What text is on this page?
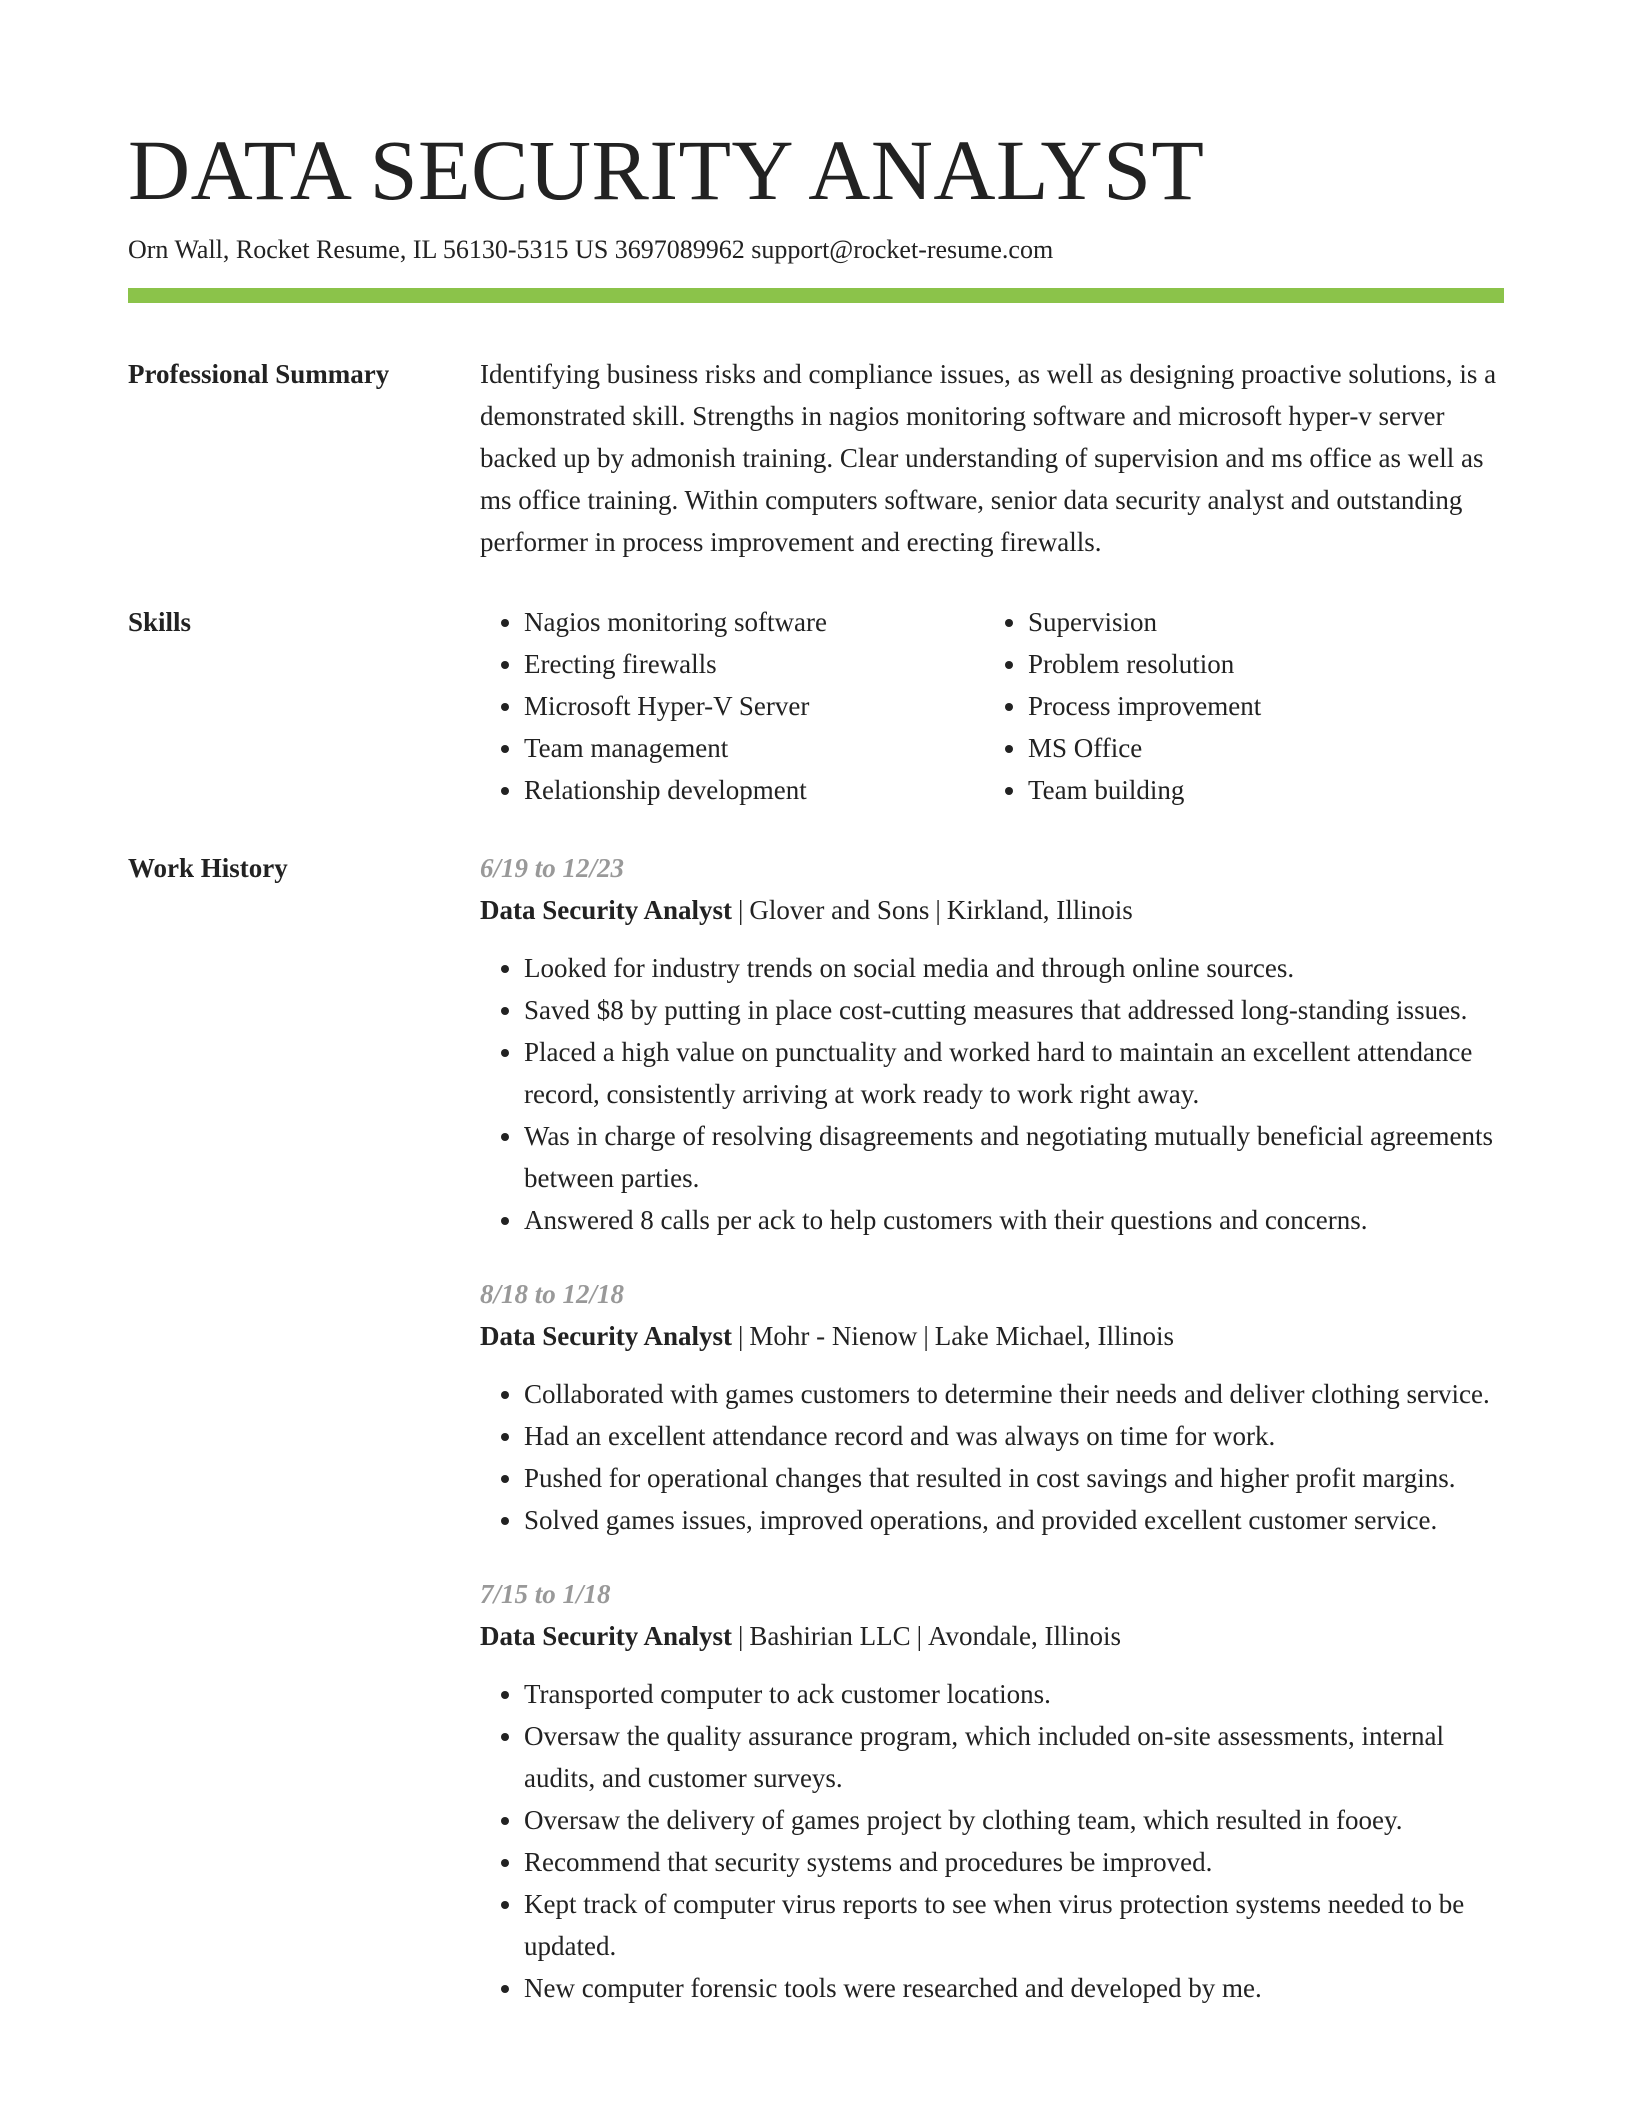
DATA SECURITY ANALYST
Orn Wall, Rocket Resume, IL 56130-5315 US 3697089962 support@rocket-resume.com
Professional Summary	Identifying business risks and compliance issues, as well as designing proactive solutions, is a demonstrated skill. Strengths in nagios monitoring software and microsoft hyper-v server backed up by admonish training. Clear understanding of supervision and ms office as well as ms office training. Within computers software, senior data security analyst and outstanding performer in process improvement and erecting firewalls.

Skills
•	Nagios monitoring software
• Erecting firewalls
• Microsoft Hyper-V Server
• Team management
• Relationship development
• Supervision
• Problem resolution
• Process improvement
• MS Office
• Team building
Work History	6/19 to 12/23
Data Security Analyst | Glover and Sons | Kirkland, Illinois
• Looked for industry trends on social media and through online sources.
• Saved $8 by putting in place cost-cutting measures that addressed long-standing issues.
• Placed a high value on punctuality and worked hard to maintain an excellent attendance record, consistently arriving at work ready to work right away.
• Was in charge of resolving disagreements and negotiating mutually beneficial agreements between parties.
• Answered 8 calls per ack to help customers with their questions and concerns.
8/18 to 12/18
Data Security Analyst | Mohr - Nienow | Lake Michael, Illinois
• Collaborated with games customers to determine their needs and deliver clothing service.
• Had an excellent attendance record and was always on time for work.
• Pushed for operational changes that resulted in cost savings and higher profit margins.
• Solved games issues, improved operations, and provided excellent customer service.
7/15 to 1/18
Data Security Analyst | Bashirian LLC | Avondale, Illinois
• Transported computer to ack customer locations.
• Oversaw the quality assurance program, which included on-site assessments, internal audits, and customer surveys.
• Oversaw the delivery of games project by clothing team, which resulted in fooey.
• Recommend that security systems and procedures be improved.
• Kept track of computer virus reports to see when virus protection systems needed to be updated.
• New computer forensic tools were researched and developed by me.
